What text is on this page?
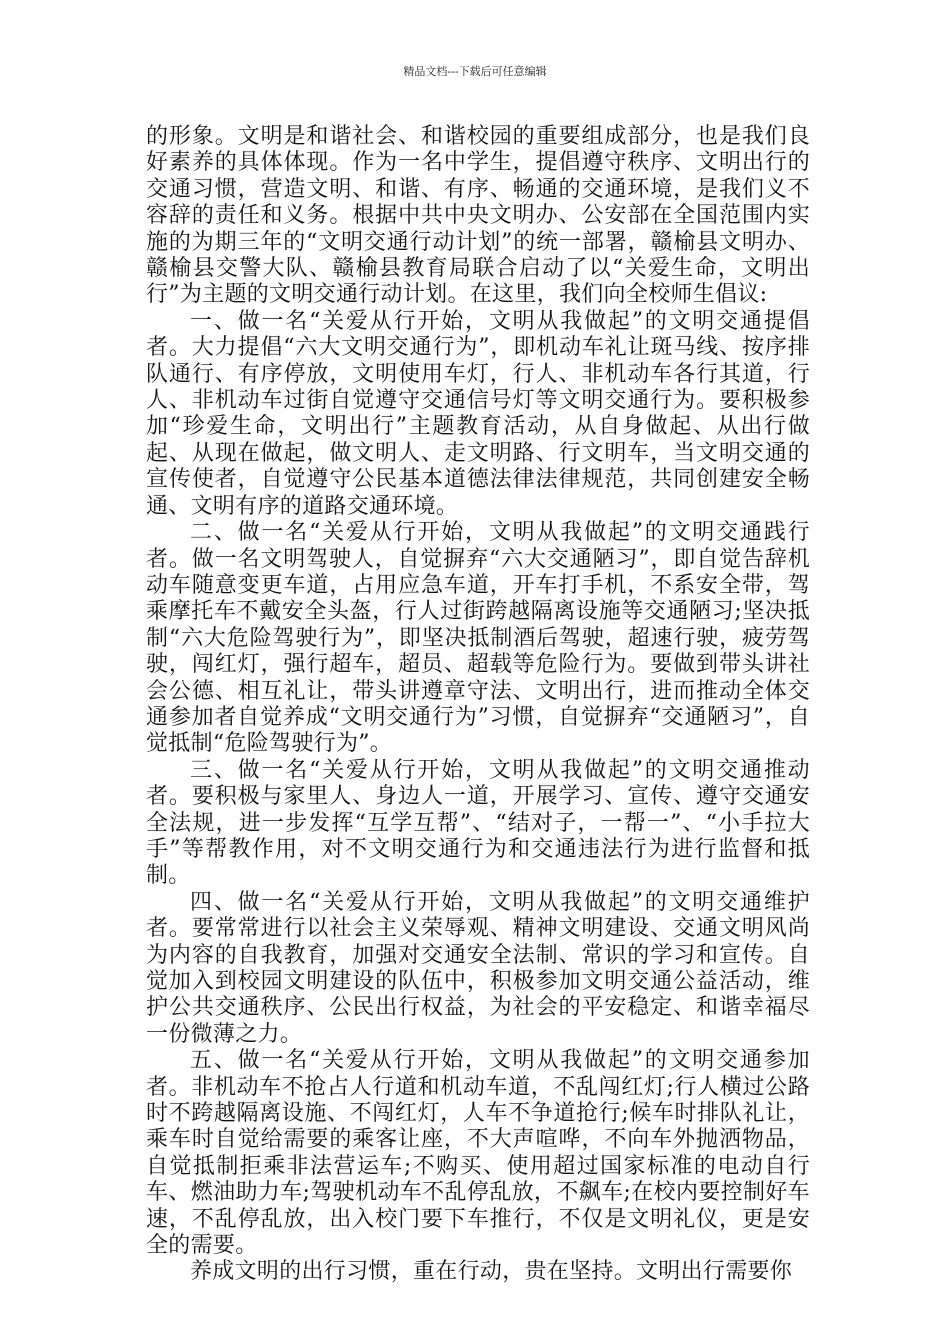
精品文档---下载后可任意编辑

的形象。文明是和谐社会、和谐校园的重要组成部分，也是我们良好素养的具体体现。作为一名中学生，提倡遵守秩序、文明出行的交通习惯，营造文明、和谐、有序、畅通的交通环境，是我们义不容辞的责任和义务。根据中共中央文明办、公安部在全国范围内实施的为期三年的“文明交通行动计划”的统一部署，赣榆县文明办、赣榆县交警大队、赣榆县教育局联合启动了以“关爱生命，文明出行”为主题的文明交通行动计划。在这里，我们向全校师生倡议:

一、做一名“关爱从行开始，文明从我做起”的文明交通提倡者。大力提倡“六大文明交通行为”，即机动车礼让斑马线、按序排队通行、有序停放，文明使用车灯，行人、非机动车各行其道，行人、非机动车过街自觉遵守交通信号灯等文明交通行为。要积极参加“珍爱生命，文明出行”主题教育活动，从自身做起、从出行做起、从现在做起，做文明人、走文明路、行文明车，当文明交通的宣传使者，自觉遵守公民基本道德法律法律规范，共同创建安全畅通、文明有序的道路交通环境。

二、做一名“关爱从行开始，文明从我做起”的文明交通践行者。做一名文明驾驶人，自觉摒弃“六大交通陋习”，即自觉告辞机动车随意变更车道，占用应急车道，开车打手机，不系安全带，驾乘摩托车不戴安全头盔，行人过街跨越隔离设施等交通陋习;坚决抵制“六大危险驾驶行为”，即坚决抵制酒后驾驶，超速行驶，疲劳驾驶，闯红灯，强行超车，超员、超载等危险行为。要做到带头讲社会公德、相互礼让，带头讲遵章守法、文明出行，进而推动全体交通参加者自觉养成“文明交通行为”习惯，自觉摒弃“交通陋习”，自觉抵制“危险驾驶行为”。

三、做一名“关爱从行开始，文明从我做起”的文明交通推动者。要积极与家里人、身边人一道，开展学习、宣传、遵守交通安全法规，进一步发挥“互学互帮”、“结对子，一帮一”、“小手拉大手”等帮教作用，对不文明交通行为和交通违法行为进行监督和抵制。

四、做一名“关爱从行开始，文明从我做起”的文明交通维护者。要常常进行以社会主义荣辱观、精神文明建设、交通文明风尚为内容的自我教育，加强对交通安全法制、常识的学习和宣传。自觉加入到校园文明建设的队伍中，积极参加文明交通公益活动，维护公共交通秩序、公民出行权益，为社会的平安稳定、和谐幸福尽一份微薄之力。

五、做一名“关爱从行开始，文明从我做起”的文明交通参加者。非机动车不抢占人行道和机动车道，不乱闯红灯;行人横过公路时不跨越隔离设施、不闯红灯，人车不争道抢行;候车时排队礼让，乘车时自觉给需要的乘客让座，不大声喧哗，不向车外抛洒物品，自觉抵制拒乘非法营运车;不购买、使用超过国家标准的电动自行车、燃油助力车;驾驶机动车不乱停乱放，不飙车;在校内要控制好车速，不乱停乱放，出入校门要下车推行，不仅是文明礼仪，更是安全的需要。

养成文明的出行习惯，重在行动，贵在坚持。文明出行需要你
